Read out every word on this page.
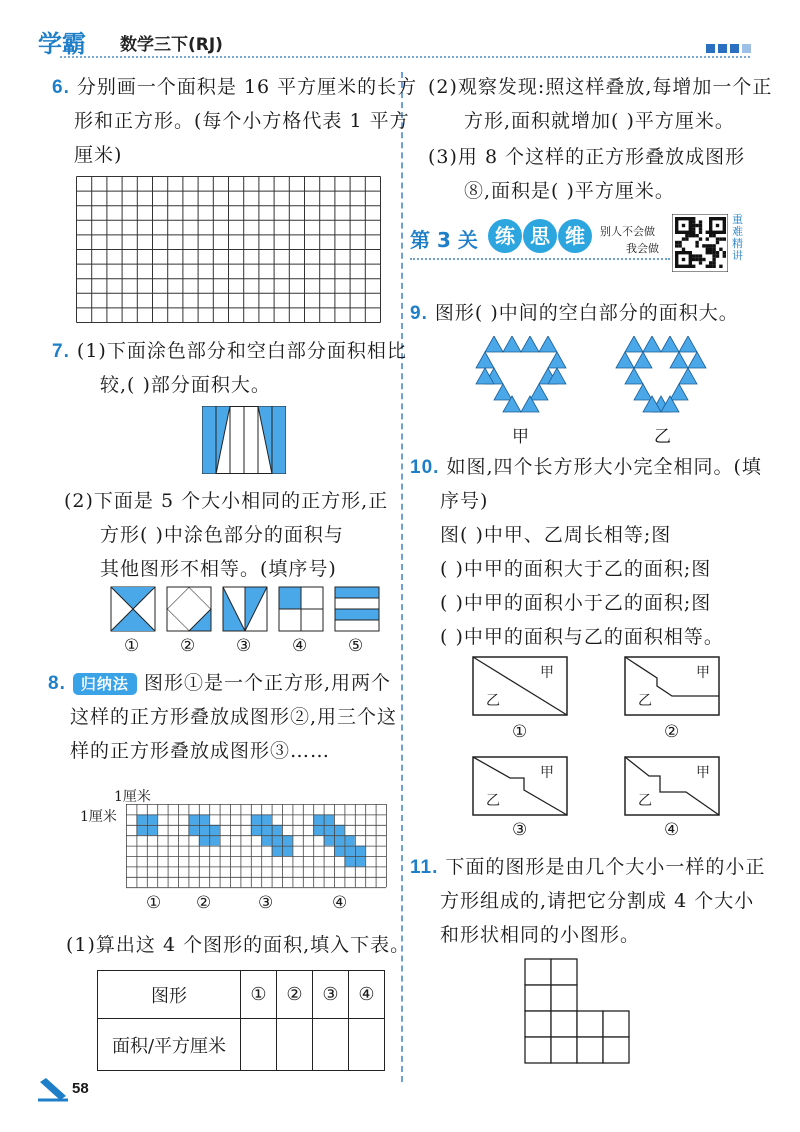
学霸 数学三下(RJ)
6. 分别画一个面积是 16 平方厘米的长方
形和正方形。(每个小方格代表 1 平方
厘米)
7. (1)下面涂色部分和空白部分面积相比
较,( )部分面积大。
(2)下面是 5 个大小相同的正方形,正
方形( )中涂色部分的面积与
其他图形不相等。(填序号)
① ② ③ ④ ⑤
8. 归纳法 图形①是一个正方形,用两个
这样的正方形叠放成图形②,用三个这
样的正方形叠放成图形③……
1厘米
1厘米
① ②	③	④
(1)算出这 4 个图形的面积,填入下表。
图形	①	②	③	④
面积/平方厘米				
(2)观察发现:照这样叠放,每增加一个正
方形,面积就增加( )平方厘米。
(3)用 8 个这样的正方形叠放成图形
⑧,面积是( )平方厘米。
第 3 关 练 思 维	别人不会做
我会做
重难精讲
9. 图形( )中间的空白部分的面积大。
甲	乙
10. 如图,四个长方形大小完全相同。(填
序号)
图( )中甲、乙周长相等;图
( )中甲的面积大于乙的面积;图
( )中甲的面积小于乙的面积;图
( )中甲的面积与乙的面积相等。
甲
乙
甲
乙
①	②
甲
乙
甲
乙
③	④
11. 下面的图形是由几个大小一样的小正
方形组成的,请把它分割成 4 个大小
和形状相同的小图形。
58
